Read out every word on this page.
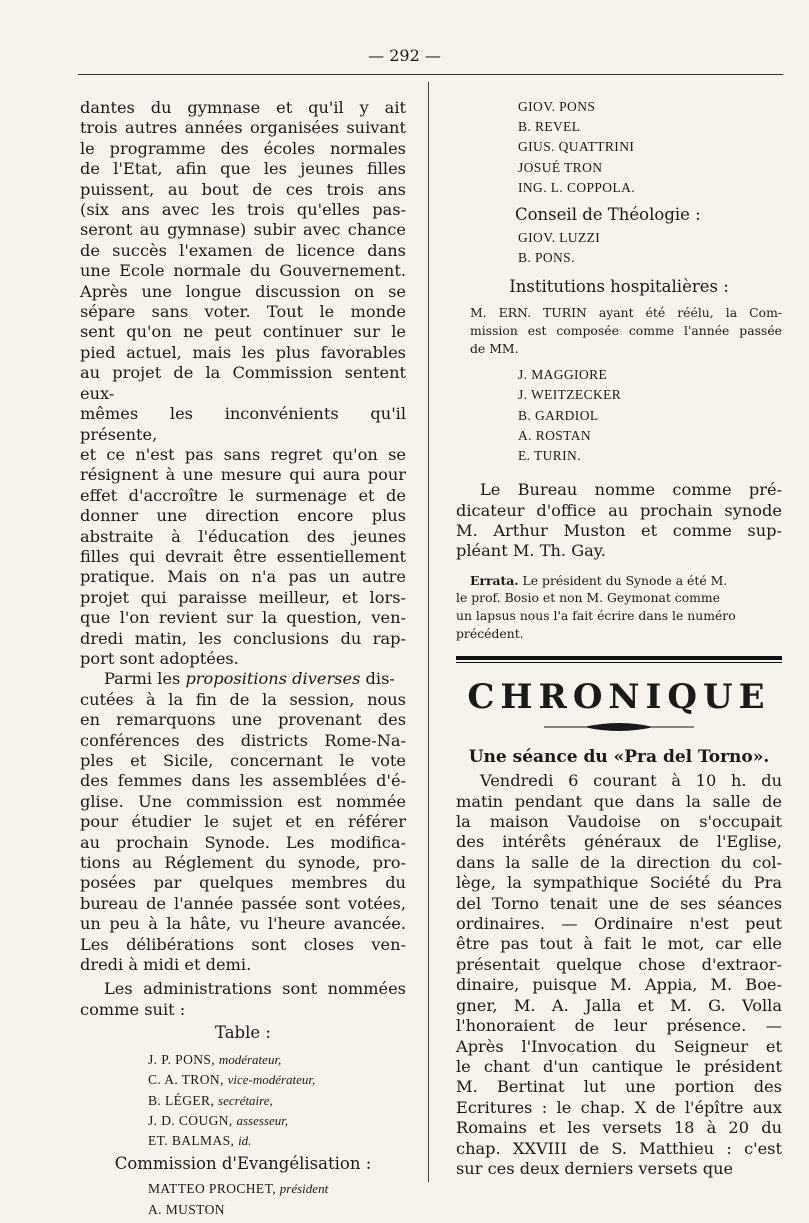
— 292 —

dantes du gymnase et qu'il y ait

trois autres années organisées suivant

le programme des écoles normales

de l'Etat, afin que les jeunes filles

puissent, au bout de ces trois ans

(six ans avec les trois qu'elles pas-

seront au gymnase) subir avec chance

de succès l'examen de licence dans

une Ecole normale du Gouvernement.

Après une longue discussion on se

sépare sans voter. Tout le monde

sent qu'on ne peut continuer sur le

pied actuel, mais les plus favorables

au projet de la Commission sentent eux-

mêmes les inconvénients qu'il présente,

et ce n'est pas sans regret qu'on se

résignent à une mesure qui aura pour

effet d'accroître le surmenage et de

donner une direction encore plus

abstraite à l'éducation des jeunes

filles qui devrait être essentiellement

pratique. Mais on n'a pas un autre

projet qui paraisse meilleur, et lors-

que l'on revient sur la question, ven-

dredi matin, les conclusions du rap-

port sont adoptées.

Parmi les propositions diverses dis-

cutées à la fin de la session, nous

en remarquons une provenant des

conférences des districts Rome-Na-

ples et Sicile, concernant le vote

des femmes dans les assemblées d'é-

glise. Une commission est nommée

pour étudier le sujet et en référer

au prochain Synode. Les modifica-

tions au Réglement du synode, pro-

posées par quelques membres du

bureau de l'année passée sont votées,

un peu à la hâte, vu l'heure avancée.

Les délibérations sont closes ven-

dredi à midi et demi.

Les administrations sont nommées

comme suit :

Table :

J. P. PONS, modérateur,
C. A. TRON, vice-modérateur,
B. LÉGER, secrétaire,
J. D. COUGN, assesseur,
ET. BALMAS, id.

Commission d'Evangélisation :

MATTEO PROCHET, président
A. MUSTON
GIOV. PONS
B. REVEL
GIUS. QUATTRINI
JOSUÉ TRON
ING. L. COPPOLA.

Conseil de Théologie :

GIOV. LUZZI
B. PONS.

Institutions hospitalières :

M. ERN. TURIN ayant été réélu, la Com-

mission est composée comme l'année passée

de MM.

J. MAGGIORE
J. WEITZECKER
B. GARDIOL
A. ROSTAN
E. TURIN.

Le Bureau nomme comme pré-

dicateur d'office au prochain synode

M. Arthur Muston et comme sup-

pléant M. Th. Gay.

Errata. Le président du Synode a été M.

le prof. Bosio et non M. Geymonat comme

un lapsus nous l'a fait écrire dans le numéro

précédent.

CHRONIQUE

Une séance du «Pra del Torno».

Vendredi 6 courant à 10 h. du

matin pendant que dans la salle de

la maison Vaudoise on s'occupait

des intérêts généraux de l'Eglise,

dans la salle de la direction du col-

lège, la sympathique Société du Pra

del Torno tenait une de ses séances

ordinaires. — Ordinaire n'est peut

être pas tout à fait le mot, car elle

présentait quelque chose d'extraor-

dinaire, puisque M. Appia, M. Boe-

gner, M. A. Jalla et M. G. Volla

l'honoraient de leur présence. —

Après l'Invocation du Seigneur et

le chant d'un cantique le président

M. Bertinat lut une portion des

Ecritures : le chap. X de l'épître aux

Romains et les versets 18 à 20 du

chap. XXVIII de S. Matthieu : c'est

sur ces deux derniers versets que
